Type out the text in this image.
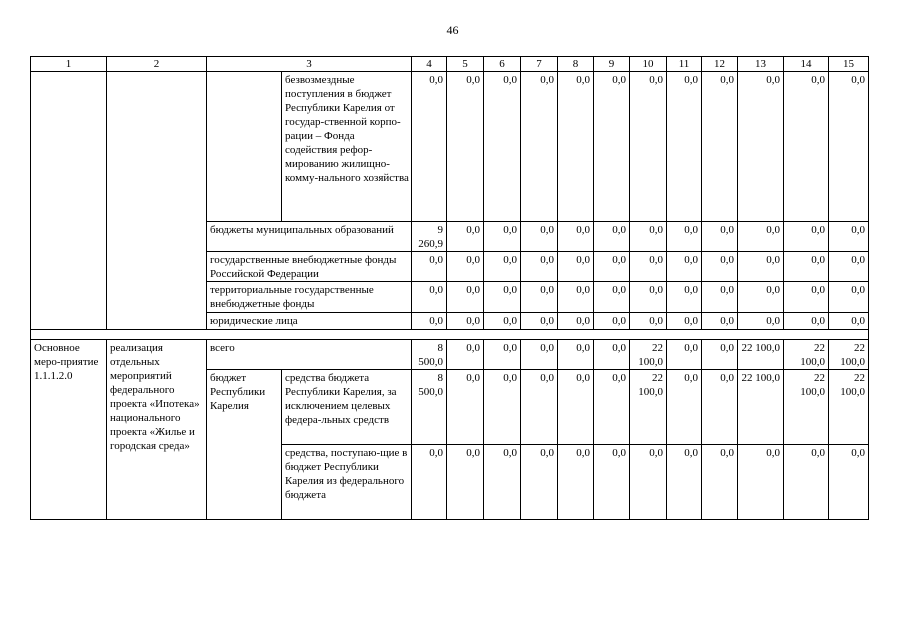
46
1	2	3		4	5	6	7	8	9	10	11	12	13	14	15
			безвозмездные поступления в бюджет Республики Карелия от государ-ственной корпо-рации – Фонда содействия рефор-мированию жилищно-комму-нального хозяйства	0,0	0,0	0,0	0,0	0,0	0,0	0,0	0,0	0,0	0,0	0,0	0,0
		бюджеты муниципальных образований		9 260,9	0,0	0,0	0,0	0,0	0,0	0,0	0,0	0,0	0,0	0,0	0,0
		государственные внебюджетные фонды Российской Федерации		0,0	0,0	0,0	0,0	0,0	0,0	0,0	0,0	0,0	0,0	0,0	0,0
		территориальные государственные внебюджетные фонды		0,0	0,0	0,0	0,0	0,0	0,0	0,0	0,0	0,0	0,0	0,0	0,0
		юридические лица		0,0	0,0	0,0	0,0	0,0	0,0	0,0	0,0	0,0	0,0	0,0	0,0

Основное меро-приятие 1.1.1.2.0	реализация отдельных мероприятий федерального проекта «Ипотека» национального проекта «Жилье и городская среда»	всего		8 500,0	0,0	0,0	0,0	0,0	0,0	22 100,0	0,0	0,0	22 100,0	22 100,0	22 100,0
		бюджет Республики Карелия	средства бюджета Республики Карелия, за исключением целевых федера-льных средств	8 500,0	0,0	0,0	0,0	0,0	0,0	22 100,0	0,0	0,0	22 100,0	22 100,0	22 100,0
			средства, поступаю-щие в бюджет Республики Карелия из федерального бюджета	0,0	0,0	0,0	0,0	0,0	0,0	0,0	0,0	0,0	0,0	0,0	0,0
